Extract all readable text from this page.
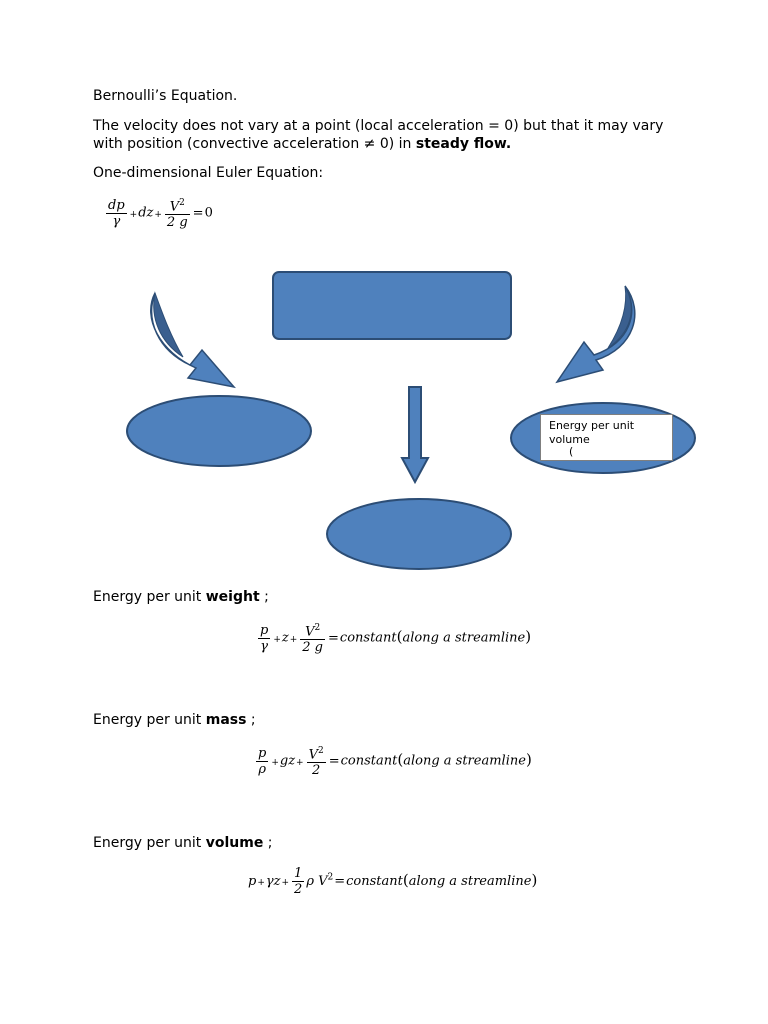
Bernoulli’s Equation.
The velocity does not vary at a point (local acceleration = 0) but that it may vary
with position (convective acceleration ≠ 0) in steady flow.
One-dimensional Euler Equation:
$\frac{dp}{\gamma} +dz+ \frac{V^2}{2 g} =0$
Energy per unit
volume
(
Energy per unit weight ;
$\frac{p}{\gamma} +z+ \frac{V^2}{2 g}$ =constant(along a streamline)
Energy per unit mass ;
$\frac{p}{\rho} +gz+ \frac{V^2}{2}$ =constant(along a streamline)
Energy per unit volume ;
$p+\gamma z+ \frac{1}{2}$ ρ $V^2=constant(along$ a streamline)
